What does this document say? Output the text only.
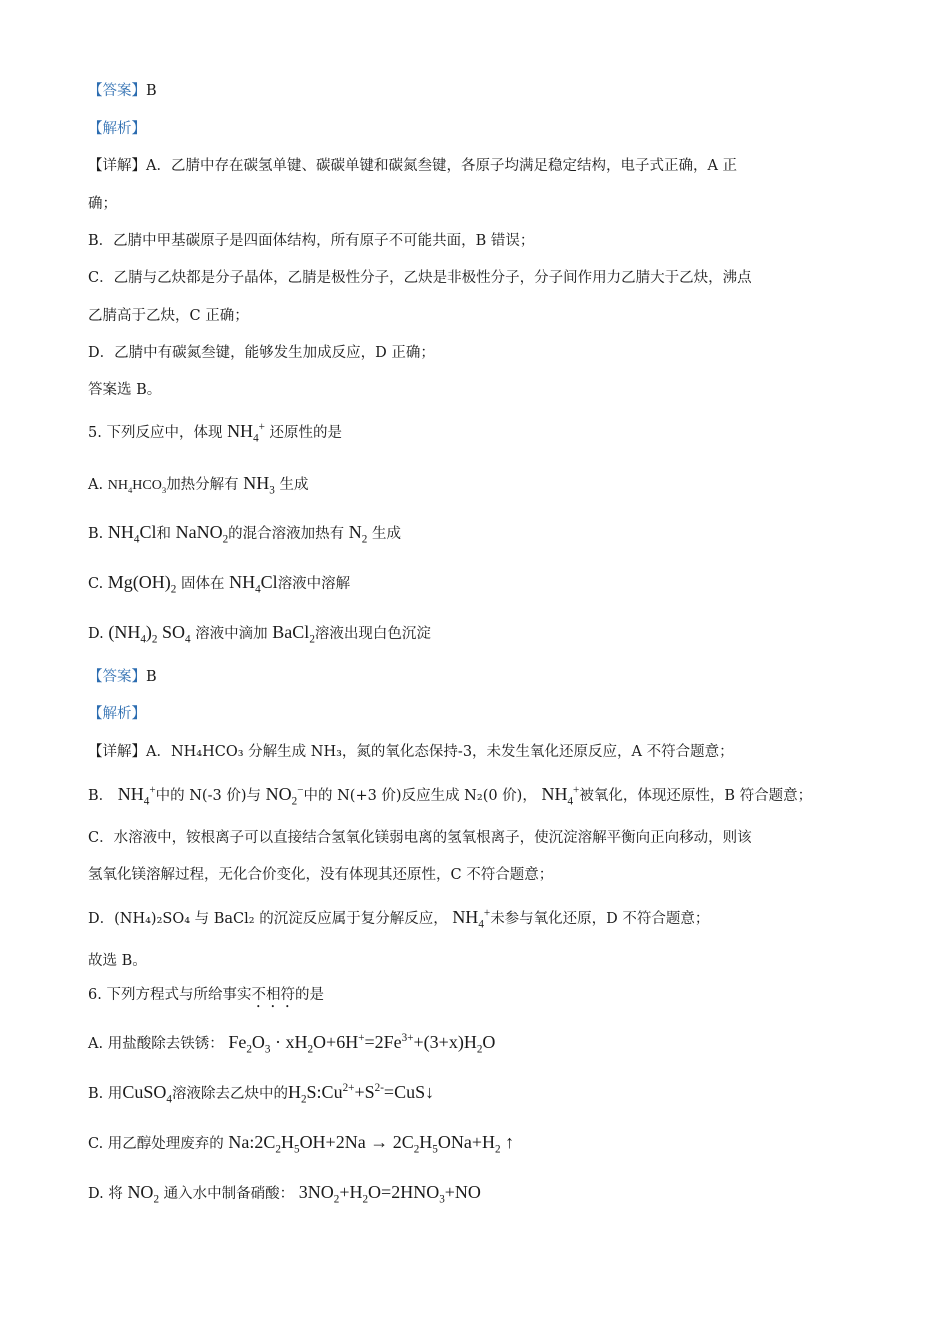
【答案】B
【解析】
【详解】A．乙腈中存在碳氢单键、碳碳单键和碳氮叁键，各原子均满足稳定结构，电子式正确，A 正
确；
B．乙腈中甲基碳原子是四面体结构，所有原子不可能共面，B 错误；
C．乙腈与乙炔都是分子晶体，乙腈是极性分子，乙炔是非极性分子，分子间作用力乙腈大于乙炔，沸点
乙腈高于乙炔，C 正确；
D．乙腈中有碳氮叁键，能够发生加成反应，D 正确；
答案选 B。
5. 下列反应中，体现 $NH_4^+$ 还原性的是
A. $NH_4HCO_3$加热分解有 $NH_3$ 生成
B. $NH_4Cl$和 NaNO$_2$的混合溶液加热有 $N_2$ 生成
C. $Mg(OH)_2$ 固体在 $NH_4Cl$溶液中溶解
D. $(NH_4)_2$ $SO_4$ 溶液中滴加 BaCl$_2$溶液出现白色沉淀
【答案】B
【解析】
【详解】A．NH₄HCO₃ 分解生成 NH₃，氮的氧化态保持-3，未发生氧化还原反应，A 不符合题意；
B． $NH_4^+$中的 N(-3 价)与 $NO_2^-$中的 N(+3 价)反应生成 N₂(0 价)， $NH_4^+$被氧化，体现还原性，B 符合题意；
C．水溶液中，铵根离子可以直接结合氢氧化镁弱电离的氢氧根离子，使沉淀溶解平衡向正向移动，则该
氢氧化镁溶解过程，无化合价变化，没有体现其还原性，C 不符合题意；
D．(NH₄)₂SO₄ 与 BaCl₂ 的沉淀反应属于复分解反应， $NH_4^+$未参与氧化还原，D 不符合题意；
故选 B。
6. 下列方程式与所给事实不相符的是
A. 用盐酸除去铁锈： $Fe_2O_3 \cdot xH_2O+6H^+=2Fe^{3+}+(3+x)H_2O$
B. 用CuSO$_4$溶液除去乙炔中的$H_2S:Cu^{2+}+S^{2-}=CuS↓$
C. 用乙醇处理废弃的 $Na:2C_2H_5OH+2Na \to 2C_2H_5ONa+H_2$ ↑
D. 将 $NO_2$ 通入水中制备硝酸： $3NO_2+H_2O=2HNO_3+NO$
